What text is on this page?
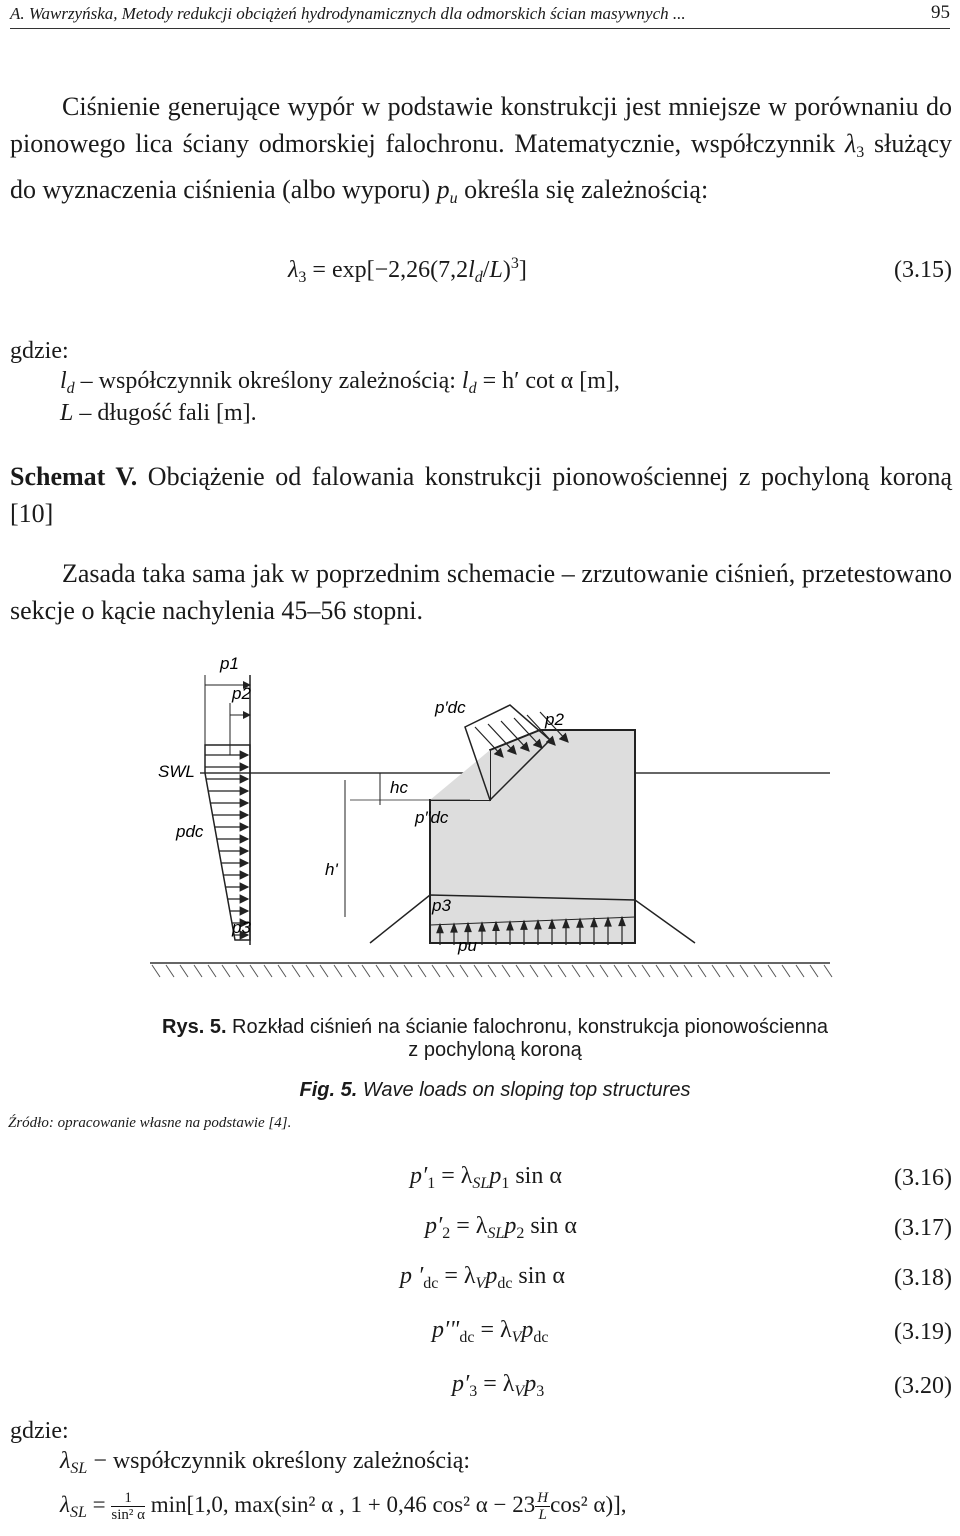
A. Wawrzyńska, Metody redukcji obciążeń hydrodynamicznych dla odmorskich ścian masywnych ...	95
Ciśnienie generujące wypór w podstawie konstrukcji jest mniejsze w porównaniu do pionowego lica ściany odmorskiej falochronu. Matematycznie, współczynnik $\lambda_3$ służący do wyznaczenia ciśnienia (albo wyporu) $p_u$ określa się zależnością:
$\lambda_3 = \exp[-2,26(7,2l_d/L)^3]$	(3.15)
gdzie:
$l_d$ – współczynnik określony zależnością: $l_d = h'$ cot α [m],
L – długość fali [m].
Schemat V. Obciążenie od falowania konstrukcji pionowościennej z pochyloną koroną [10]
Zasada taka sama jak w poprzednim schemacie – zrzutowanie ciśnień, przetestowano sekcje o kącie nachylenia 45–56 stopni.
p1
p2
SWL
pdc
p3
p′dc
p2
hc
p″dc
h'
p3
pu
Rys. 5. Rozkład ciśnień na ścianie falochronu, konstrukcja pionowościenna
z pochyloną koroną
Fig. 5. Wave loads on sloping top structures
Źródło: opracowanie własne na podstawie [4].
$p'_1 = \lambda_{SL}p_1$ sin α	(3.16)
$p'_2 = \lambda_{SL}p_2$ sin α	(3.17)
p $'_{dc} = \lambda_Vp_{dc}$ sin α	(3.18)
$p'"_{dc} = \lambda_Vp_{dc}$	(3.19)
$p'_3 = \lambda_Vp_3$	(3.20)
gdzie:
$\lambda_{SL}$ − współczynnik określony zależnością:
$\lambda_{SL} = \frac{1}{\text{sin² α}} \min[1,0$, max(sin² α , 1 + 0,46 cos² $\alpha - 23 \frac{H}{L} \cos^2$ α)],
